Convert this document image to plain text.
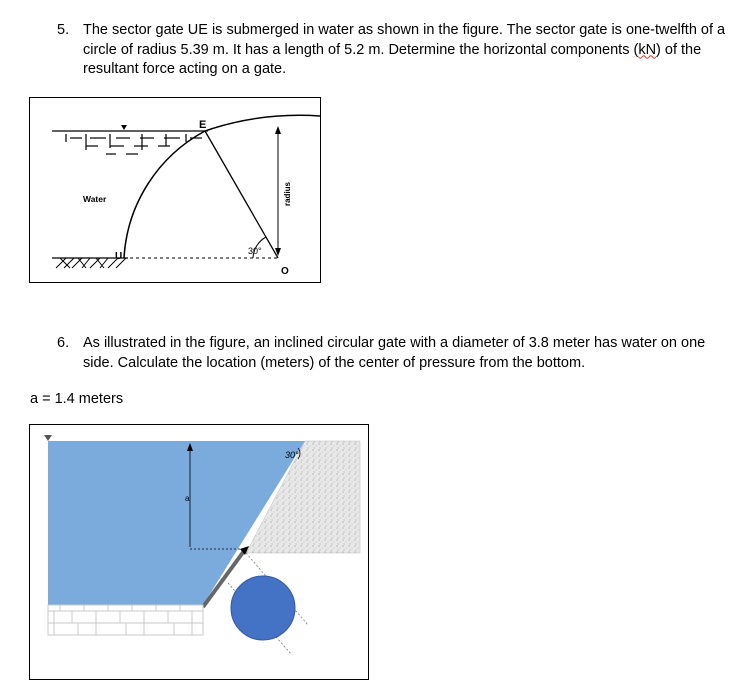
5. The sector gate UE is submerged in water as shown in the figure. The sector gate is one-twelfth of a circle of radius 5.39 m. It has a length of 5.2 m. Determine the horizontal components (kN) of the resultant force acting on a gate.
E
U
O
Water	radius
30°
6. As illustrated in the figure, an inclined circular gate with a diameter of 3.8 meter has water on one side. Calculate the location (meters) of the center of pressure from the bottom.
a = 1.4 meters
a
30°
